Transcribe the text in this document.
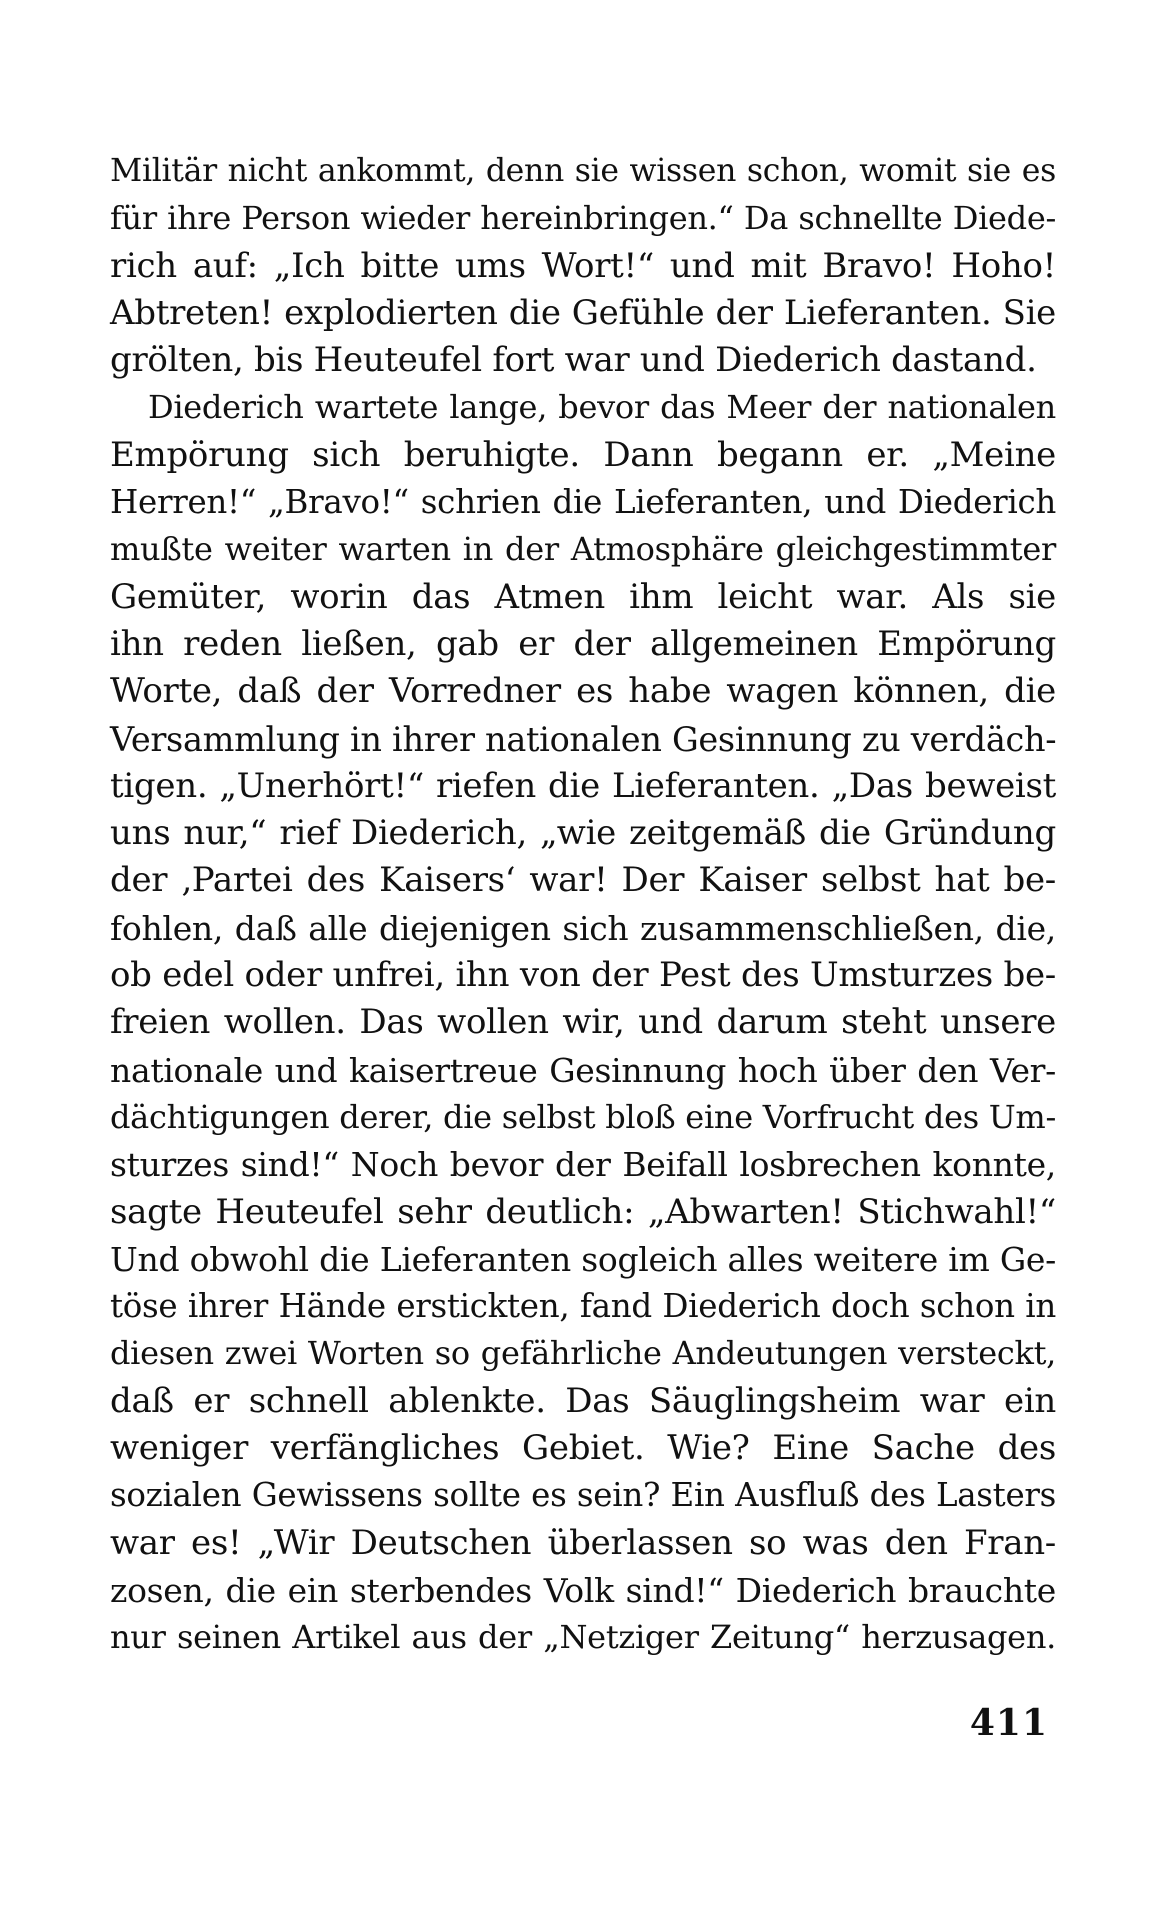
Militär nicht ankommt, denn sie wissen schon, womit sie es
für ihre Person wieder hereinbringen.“ Da schnellte Diede-
rich auf: „Ich bitte ums Wort!“ und mit Bravo! Hoho!
Abtreten! explodierten die Gefühle der Lieferanten. Sie
grölten, bis Heuteufel fort war und Diederich dastand.
Diederich wartete lange, bevor das Meer der nationalen
Empörung sich beruhigte. Dann begann er. „Meine
Herren!“ „Bravo!“ schrien die Lieferanten, und Diederich
mußte weiter warten in der Atmosphäre gleichgestimmter
Gemüter, worin das Atmen ihm leicht war. Als sie
ihn reden ließen, gab er der allgemeinen Empörung
Worte, daß der Vorredner es habe wagen können, die
Versammlung in ihrer nationalen Gesinnung zu verdäch-
tigen. „Unerhört!“ riefen die Lieferanten. „Das beweist
uns nur,“ rief Diederich, „wie zeitgemäß die Gründung
der ‚Partei des Kaisers‘ war! Der Kaiser selbst hat be-
fohlen, daß alle diejenigen sich zusammenschließen, die,
ob edel oder unfrei, ihn von der Pest des Umsturzes be-
freien wollen. Das wollen wir, und darum steht unsere
nationale und kaisertreue Gesinnung hoch über den Ver-
dächtigungen derer, die selbst bloß eine Vorfrucht des Um-
sturzes sind!“ Noch bevor der Beifall losbrechen konnte,
sagte Heuteufel sehr deutlich: „Abwarten! Stichwahl!“
Und obwohl die Lieferanten sogleich alles weitere im Ge-
töse ihrer Hände erstickten, fand Diederich doch schon in
diesen zwei Worten so gefährliche Andeutungen versteckt,
daß er schnell ablenkte. Das Säuglingsheim war ein
weniger verfängliches Gebiet. Wie? Eine Sache des
sozialen Gewissens sollte es sein? Ein Ausfluß des Lasters
war es! „Wir Deutschen überlassen so was den Fran-
zosen, die ein sterbendes Volk sind!“ Diederich brauchte
nur seinen Artikel aus der „Netziger Zeitung“ herzusagen.
411
